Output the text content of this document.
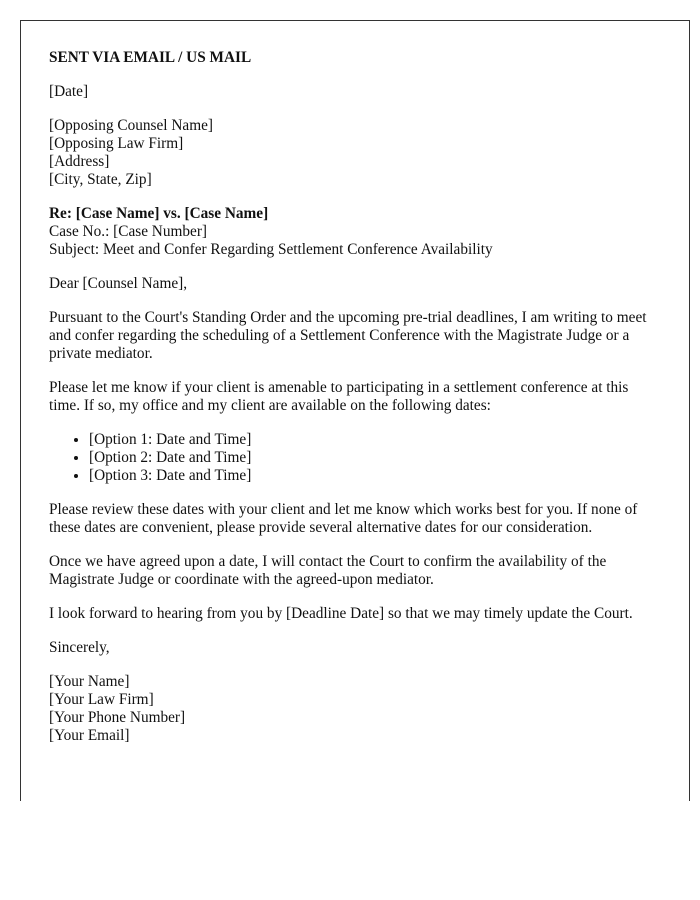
SENT VIA EMAIL / US MAIL

[Date]

[Opposing Counsel Name]
[Opposing Law Firm]
[Address]
[City, State, Zip]

Re: [Case Name] vs. [Case Name]
Case No.: [Case Number]
Subject: Meet and Confer Regarding Settlement Conference Availability

Dear [Counsel Name],

Pursuant to the Court's Standing Order and the upcoming pre-trial deadlines, I am writing to meet and confer regarding the scheduling of a Settlement Conference with the Magistrate Judge or a private mediator.

Please let me know if your client is amenable to participating in a settlement conference at this time. If so, my office and my client are available on the following dates:

• [Option 1: Date and Time]
• [Option 2: Date and Time]
• [Option 3: Date and Time]

Please review these dates with your client and let me know which works best for you. If none of these dates are convenient, please provide several alternative dates for our consideration.

Once we have agreed upon a date, I will contact the Court to confirm the availability of the Magistrate Judge or coordinate with the agreed-upon mediator.

I look forward to hearing from you by [Deadline Date] so that we may timely update the Court.

Sincerely,

[Your Name]
[Your Law Firm]
[Your Phone Number]
[Your Email]
